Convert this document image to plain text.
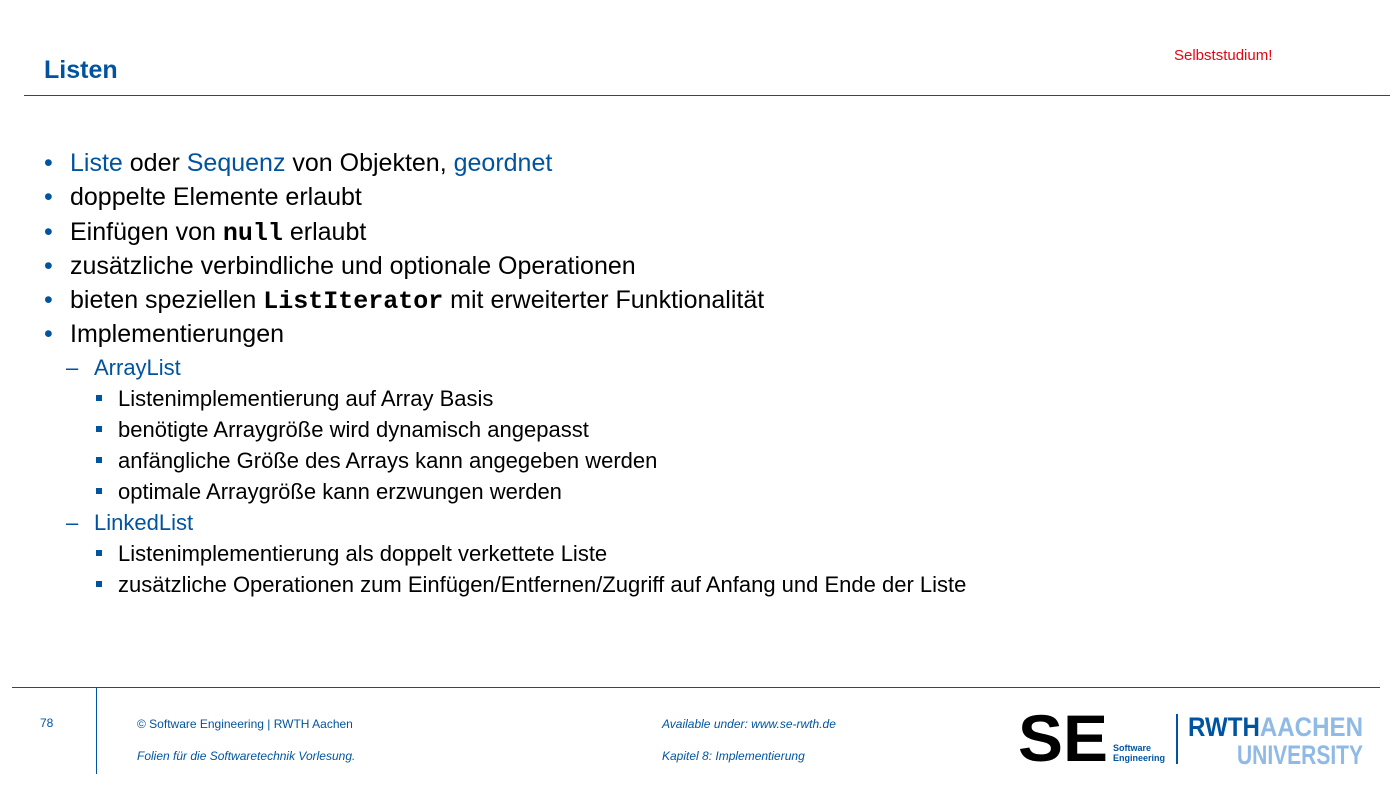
Listen
Selbststudium!
• Liste oder Sequenz von Objekten, geordnet
• doppelte Elemente erlaubt
• Einfügen von null erlaubt
• zusätzliche verbindliche und optionale Operationen
• bieten speziellen ListIterator mit erweiterter Funktionalität
• Implementierungen
– ArrayList
Listenimplementierung auf Array Basis
benötigte Arraygröße wird dynamisch angepasst
anfängliche Größe des Arrays kann angegeben werden
optimale Arraygröße kann erzwungen werden
– LinkedList
Listenimplementierung als doppelt verkettete Liste
zusätzliche Operationen zum Einfügen/Entfernen/Zugriff auf Anfang und Ende der Liste
78	© Software Engineering | RWTH Aachen
Folien für die Softwaretechnik Vorlesung.
Available under: www.se-rwth.de
Kapitel 8: Implementierung	SE Software
Engineering
RWTHAACHEN
UNIVERSITY
